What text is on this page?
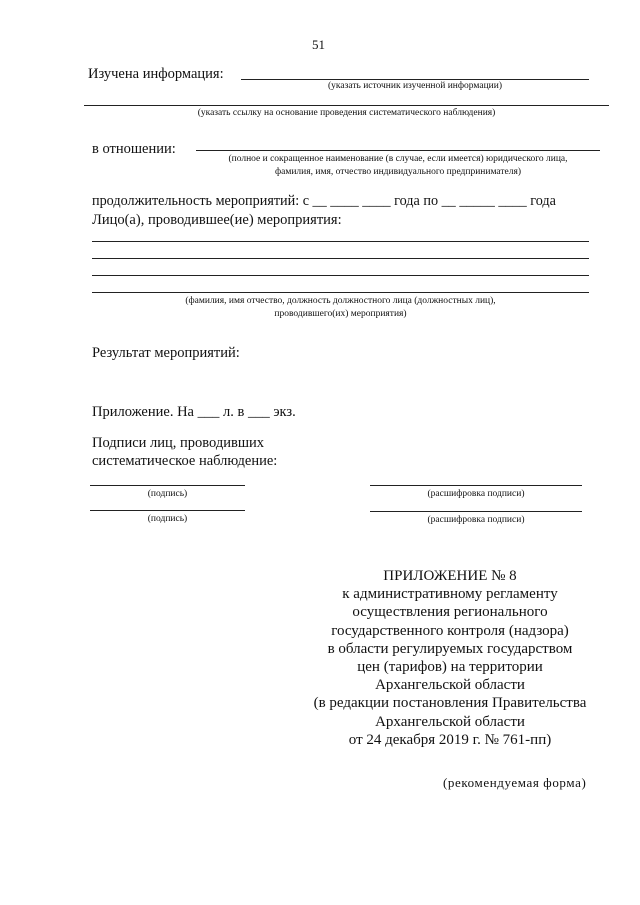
51
Изучена информация:
(указать источник изученной информации)
(указать ссылку на основание проведения систематического наблюдения)
в отношении:
(полное и сокращенное наименование (в случае, если имеется) юридического лица,
фамилия, имя, отчество индивидуального предпринимателя)
продолжительность мероприятий: с __ ____ ____ года по __ _____ ____ года
Лицо(а), проводившее(ие) мероприятия:
(фамилия, имя отчество, должность должностного лица (должностных лиц),
проводившего(их) мероприятия)
Результат мероприятий:
Приложение. На ___ л. в ___ экз.
Подписи лиц, проводивших
систематическое наблюдение:
(подпись)
(подпись)
(расшифровка подписи)
(расшифровка подписи)
ПРИЛОЖЕНИЕ № 8
к административному регламенту
осуществления регионального
государственного контроля (надзора)
в области регулируемых государством
цен (тарифов) на территории
Архангельской области
(в редакции постановления Правительства
Архангельской области
от 24 декабря 2019 г. № 761-пп)
(рекомендуемая форма)
